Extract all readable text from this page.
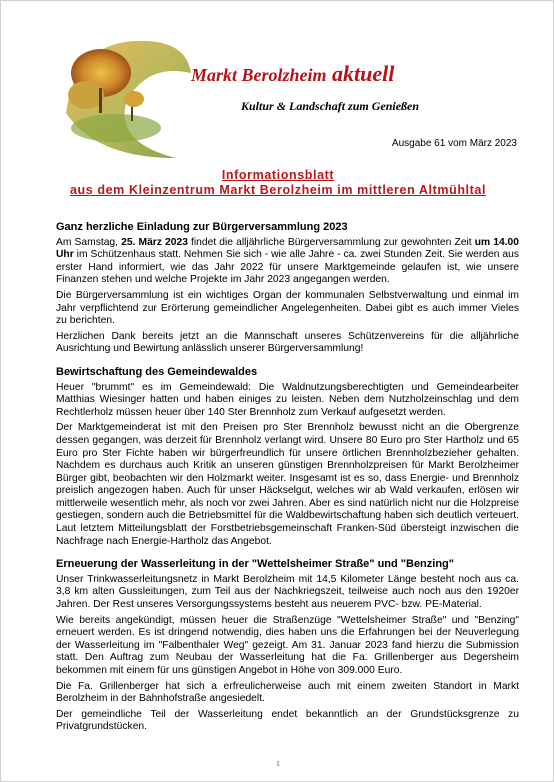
Markt Berolzheim aktuell
Kultur & Landschaft zum Genießen
Ausgabe 61 vom März 2023
Informationsblatt
aus dem Kleinzentrum Markt Berolzheim im mittleren Altmühltal
Ganz herzliche Einladung zur Bürgerversammlung 2023

Am Samstag, 25. März 2023 findet die alljährliche Bürgerversammlung zur gewohnten Zeit um 14.00 Uhr im Schützenhaus statt. Nehmen Sie sich - wie alle Jahre - ca. zwei Stunden Zeit. Sie werden aus erster Hand informiert, wie das Jahr 2022 für unsere Marktgemeinde gelaufen ist, wie unsere Finanzen stehen und welche Projekte im Jahr 2023 angegangen werden.

Die Bürgerversammlung ist ein wichtiges Organ der kommunalen Selbstverwaltung und einmal im Jahr verpflichtend zur Erörterung gemeindlicher Angelegenheiten. Dabei gibt es auch immer Vieles zu berichten.

Herzlichen Dank bereits jetzt an die Mannschaft unseres Schützenvereins für die alljährliche Ausrichtung und Bewirtung anlässlich unserer Bürgerversammlung!

Bewirtschaftung des Gemeindewaldes

Heuer "brummt" es im Gemeindewald: Die Waldnutzungsberechtigten und Gemeindearbeiter Matthias Wiesinger hatten und haben einiges zu leisten. Neben dem Nutzholzeinschlag und dem Rechtlerholz müssen heuer über 140 Ster Brennholz zum Verkauf aufgesetzt werden.

Der Marktgemeinderat ist mit den Preisen pro Ster Brennholz bewusst nicht an die Obergrenze dessen gegangen, was derzeit für Brennholz verlangt wird. Unsere 80 Euro pro Ster Hartholz und 65 Euro pro Ster Fichte haben wir bürgerfreundlich für unsere örtlichen Brennholzbezieher gehalten. Nachdem es durchaus auch Kritik an unseren günstigen Brennholzpreisen für Markt Berolzheimer Bürger gibt, beobachten wir den Holzmarkt weiter. Insgesamt ist es so, dass Energie- und Brennholz preislich angezogen haben. Auch für unser Häckselgut, welches wir ab Wald verkaufen, erlösen wir mittlerweile wesentlich mehr, als noch vor zwei Jahren. Aber es sind natürlich nicht nur die Holzpreise gestiegen, sondern auch die Betriebsmittel für die Waldbewirtschaftung haben sich deutlich verteuert. Laut letztem Mitteilungsblatt der Forstbetriebsgemeinschaft Franken-Süd übersteigt inzwischen die Nachfrage nach Energie-Hartholz das Angebot.

Erneuerung der Wasserleitung in der "Wettelsheimer Straße" und "Benzing"

Unser Trinkwasserleitungsnetz in Markt Berolzheim mit 14,5 Kilometer Länge besteht noch aus ca. 3,8 km alten Gussleitungen, zum Teil aus der Nachkriegszeit, teilweise auch noch aus den 1920er Jahren. Der Rest unseres Versorgungssystems besteht aus neuerem PVC- bzw. PE-Material.

Wie bereits angekündigt, müssen heuer die Straßenzüge "Wettelsheimer Straße" und "Benzing" erneuert werden. Es ist dringend notwendig, dies haben uns die Erfahrungen bei der Neuverlegung der Wasserleitung im "Falbenthaler Weg" gezeigt. Am 31. Januar 2023 fand hierzu die Submission statt. Den Auftrag zum Neubau der Wasserleitung hat die Fa. Grillenberger aus Degersheim bekommen mit einem für uns günstigen Angebot in Höhe von 309.000 Euro.

Die Fa. Grillenberger hat sich a erfreulicherweise auch mit einem zweiten Standort in Markt Berolzheim in der Bahnhofstraße angesiedelt.

Der gemeindliche Teil der Wasserleitung endet bekanntlich an der Grundstücksgrenze zu Privatgrundstücken.

1
